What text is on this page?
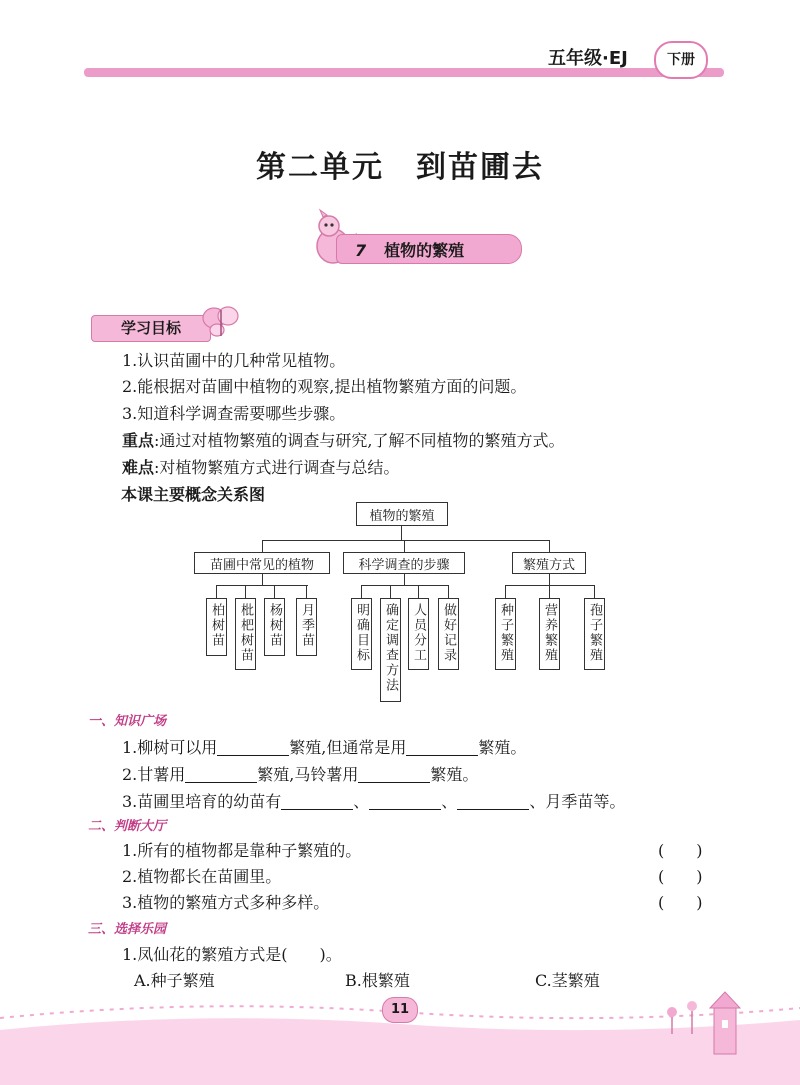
五年级·EJ	下册
第二单元　到苗圃去
7 植物的繁殖
学习目标
1.认识苗圃中的几种常见植物。
2.能根据对苗圃中植物的观察,提出植物繁殖方面的问题。
3.知道科学调查需要哪些步骤。
重点:通过对植物繁殖的调查与研究,了解不同植物的繁殖方式。
难点:对植物繁殖方式进行调查与总结。
本课主要概念关系图
植物的繁殖
苗圃中常见的植物	科学调查的步骤	繁殖方式
柏树苗 枇杷树苗 杨树苗 月季苗	明确目标 确定调查方法 人员分工 做好记录	种子繁殖 营养繁殖 孢子繁殖
一、知识广场
1.柳树可以用	繁殖,但通常是用	繁殖。
2.甘薯用	繁殖,马铃薯用	繁殖。
3.苗圃里培育的幼苗有	、	、	、月季苗等。
二、判断大厅
1.所有的植物都是靠种子繁殖的。	(　　)
2.植物都长在苗圃里。	(　　)
3.植物的繁殖方式多种多样。	(　　)
三、选择乐园
1.凤仙花的繁殖方式是(　　)。
A.种子繁殖	B.根繁殖	C.茎繁殖
11
